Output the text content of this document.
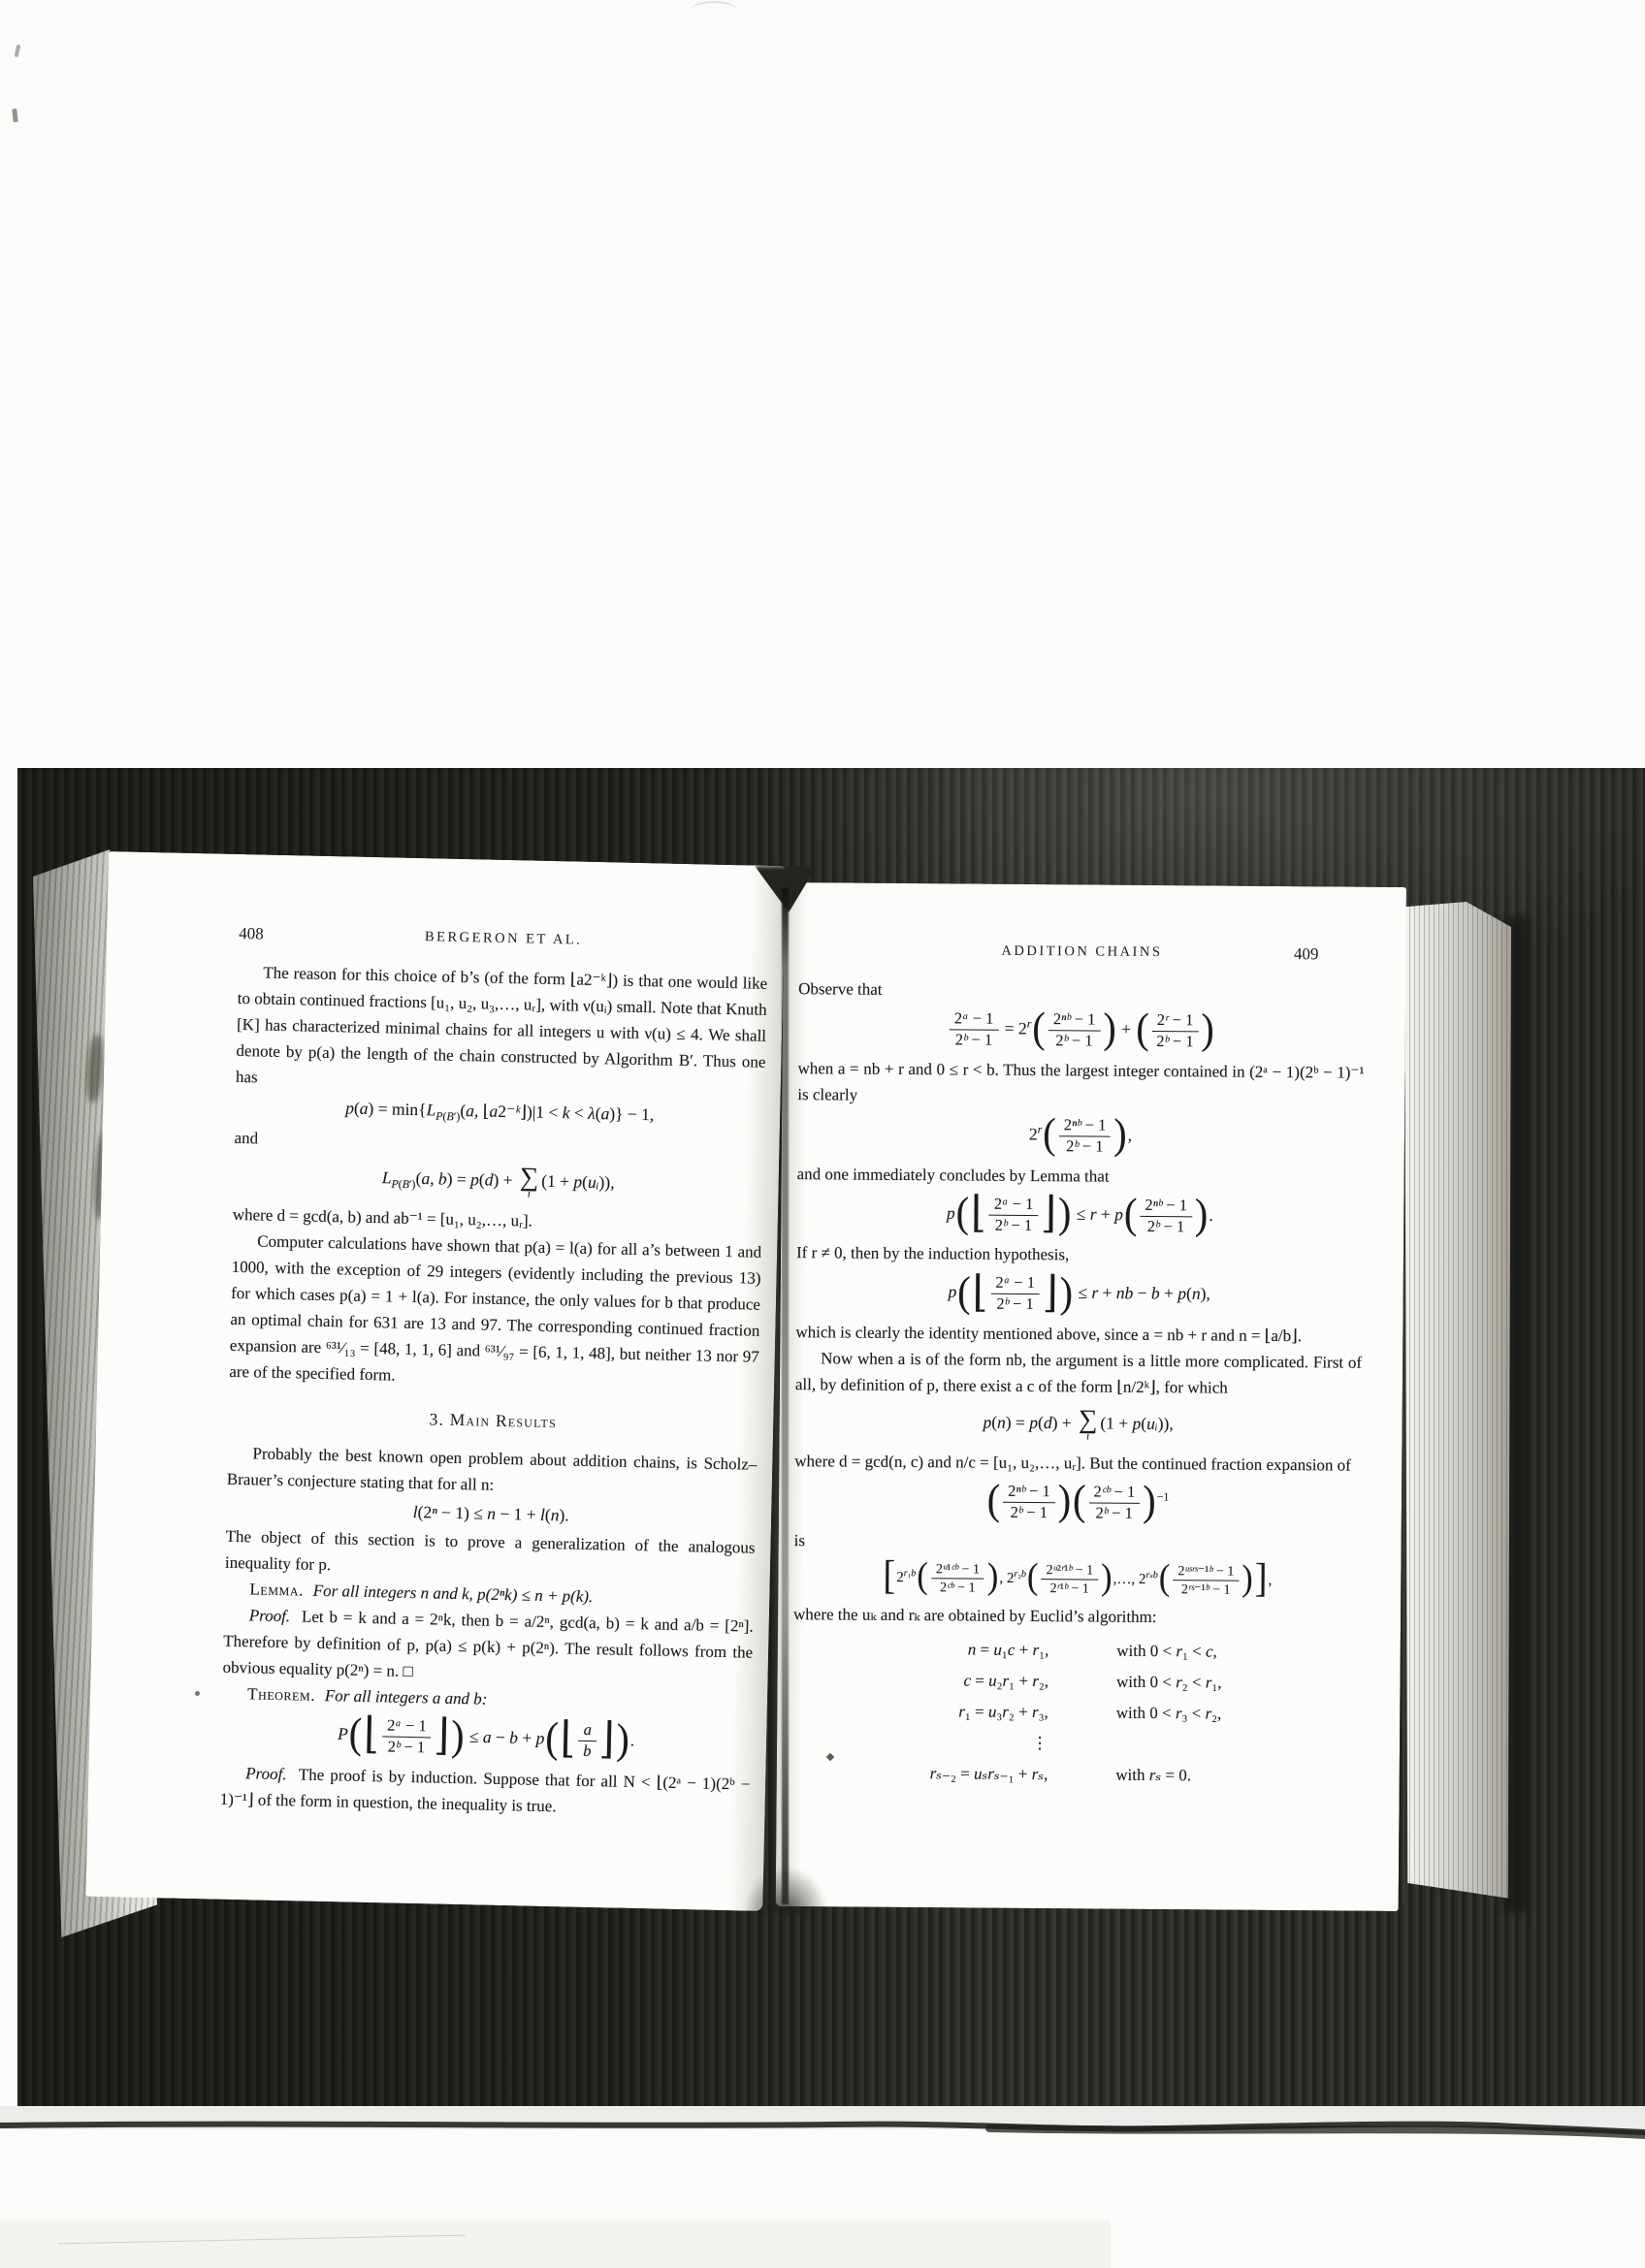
408	BERGERON ET AL.
The reason for this choice of b’s (of the form ⌊a2⁻ᵏ⌋) is that one would like to obtain continued fractions [u₁, u₂, u₃,…, uᵣ], with ν(uᵢ) small. Note that Knuth [K] has characterized minimal chains for all integers u with ν(u) ≤ 4. We shall denote by p(a) the length of the chain constructed by Algorithm B′. Thus one has
$p(a) = \min\{L_{P(B')}(a$, ⌊a2⁻ᵏ⌋)|1 < k < λ(a)} − 1,
and
$L_{P(B')}(a$, b) = p(d) + ∑
i
(1 + p(uᵢ)),
where d = gcd(a, b) and ab⁻¹ = [u₁, u₂,…, uᵣ].
Computer calculations have shown that p(a) = l(a) for all a’s between 1 and 1000, with the exception of 29 integers (evidently including the previous 13) for which cases p(a) = 1 + l(a). For instance, the only values for b that produce an optimal chain for 631 are 13 and 97. The corresponding continued fraction expansion are ⁶³¹⁄₁₃ = [48, 1, 1, 6] and ⁶³¹⁄₉₇ = [6, 1, 1, 48], but neither 13 nor 97 are of the specified form.
3. Main Results
Probably the best known open problem about addition chains, is Scholz–Brauer’s conjecture stating that for all n:
l(2ⁿ − 1) ≤ n − 1 + l(n).
The object of this section is to prove a generalization of the analogous inequality for p.
Lemma.  For all integers n and k, p(2ⁿk) ≤ n + p(k).
Proof.  Let b = k and a = 2ⁿk, then b = a/2ⁿ, gcd(a, b) = k and a/b = [2ⁿ]. Therefore by definition of p, p(a) ≤ p(k) + p(2ⁿ). The result follows from the obvious equality p(2ⁿ) = n. □
Theorem.  For all integers a and b:
P(⌊ $\frac{\text{2ᵃ − 1}}{\text{2ᵇ − 1}}$ ⌋) ≤ a − b + p(⌊ $\frac{a}{b}$ ⌋).
Proof.  The proof is by induction. Suppose that for all N < ⌊(2ᵃ − 1)(2ᵇ − 1)⁻¹⌋ of the form in question, the inequality is true.
ADDITION CHAINS	409
Observe that
$\frac{\text{2ᵃ − 1}}{\text{2ᵇ − 1}} = 2^r( \frac{\text{2ⁿᵇ − 1}}{\text{2ᵇ − 1}}$ ) + ( $\frac{\text{2ʳ − 1}}{\text{2ᵇ − 1}}$ )
when a = nb + r and 0 ≤ r < b. Thus the largest integer contained in (2ᵃ − 1)(2ᵇ − 1)⁻¹ is clearly
$2^r( \frac{\text{2ⁿᵇ − 1}}{\text{2ᵇ − 1}}$ ),
and one immediately concludes by Lemma that
p(⌊ $\frac{\text{2ᵃ − 1}}{\text{2ᵇ − 1}}$ ⌋) ≤ $r + p( \frac{\text{2ⁿᵇ − 1}}{\text{2ᵇ − 1}}$ ).
If r ≠ 0, then by the induction hypothesis,
p(⌊ $\frac{\text{2ᵃ − 1}}{\text{2ᵇ − 1}}$ ⌋) ≤ r + nb − b + p(n),
which is clearly the identity mentioned above, since a = nb + r and n = ⌊a/b⌋.
Now when a is of the form nb, the argument is a little more complicated. First of all, by definition of p, there exist a c of the form ⌊n/2ᵏ⌋, for which
p(n) = p(d) + ∑
i
(1 + p(uᵢ)),
where d = gcd(n, c) and n/c = [u₁, u₂,…, uᵣ]. But the continued fraction expansion of
( $\frac{\text{2ⁿᵇ − 1}}{\text{2ᵇ − 1}}$ )( $\frac{\text{2ᶜᵇ − 1}}{\text{2ᵇ − 1}} )^{-1}$
is
[$2^{r_1b}( \frac{\text{2ᵘ¹ᶜᵇ − 1}}{\text{2ᶜᵇ − 1}}$ ), $2^{r_2b}( \frac{\text{2ᵘ²ʳ¹ᵇ − 1}}{\text{2ʳ¹ᵇ − 1}}$ ),…, $2^{r_sb}( \frac{\text{2ᵘˢʳˢ⁻¹ᵇ − 1}}{\text{2ʳˢ⁻¹ᵇ − 1}}$ )],
where the uₖ and rₖ are obtained by Euclid’s algorithm:
n = u₁c + r₁,	with 0 < r₁ < c,
c = u₂r₁ + r₂,	with 0 < r₂ < r₁,
r₁ = u₃r₂ + r₃,	with 0 < r₃ < r₂,
⋮
rₛ₋₂ = uₛrₛ₋₁ + rₛ,	with rₛ = 0.
